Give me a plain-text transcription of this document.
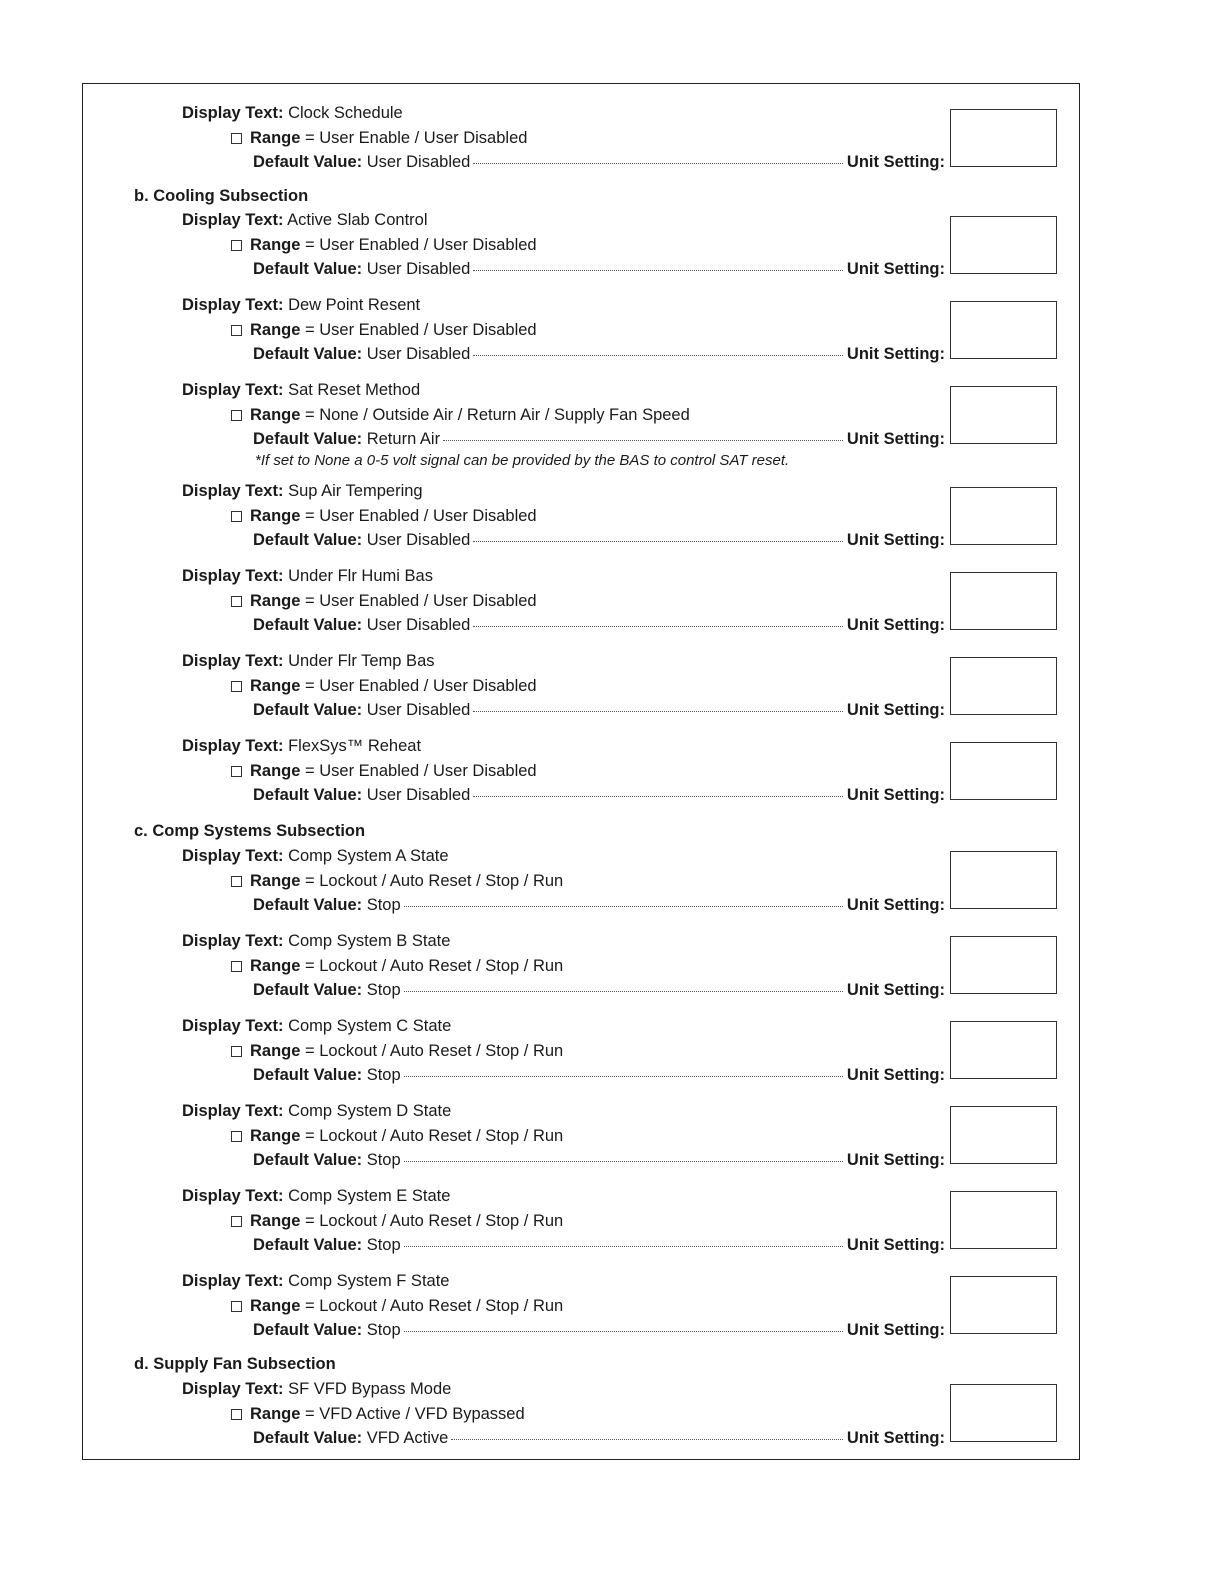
Display Text: Clock Schedule
Range = User Enable / User Disabled
Default Value:
User Disabled	Unit Setting:
b. Cooling Subsection
Display Text: Active Slab Control
Range = User Enabled / User Disabled
Default Value:
User Disabled	Unit Setting:
Display Text: Dew Point Resent
Range = User Enabled / User Disabled
Default Value:
User Disabled	Unit Setting:
Display Text: Sat Reset Method
Range = None / Outside Air / Return Air / Supply Fan Speed
Default Value:
Return Air	Unit Setting:
*If set to None a 0-5 volt signal can be provided by the BAS to control SAT reset.
Display Text: Sup Air Tempering
Range = User Enabled / User Disabled
Default Value:
User Disabled	Unit Setting:
Display Text: Under Flr Humi Bas
Range = User Enabled / User Disabled
Default Value:
User Disabled	Unit Setting:
Display Text: Under Flr Temp Bas
Range = User Enabled / User Disabled
Default Value:
User Disabled	Unit Setting:
Display Text: FlexSys™ Reheat
Range = User Enabled / User Disabled
Default Value:
User Disabled	Unit Setting:
c. Comp Systems Subsection
Display Text: Comp System A State
Range = Lockout / Auto Reset / Stop / Run
Default Value:
Stop	Unit Setting:
Display Text: Comp System B State
Range = Lockout / Auto Reset / Stop / Run
Default Value:
Stop	Unit Setting:
Display Text: Comp System C State
Range = Lockout / Auto Reset / Stop / Run
Default Value:
Stop	Unit Setting:
Display Text: Comp System D State
Range = Lockout / Auto Reset / Stop / Run
Default Value:
Stop	Unit Setting:
Display Text: Comp System E State
Range = Lockout / Auto Reset / Stop / Run
Default Value:
Stop	Unit Setting:
Display Text: Comp System F State
Range = Lockout / Auto Reset / Stop / Run
Default Value:
Stop	Unit Setting:
d. Supply Fan Subsection
Display Text: SF VFD Bypass Mode
Range = VFD Active / VFD Bypassed
Default Value:
VFD Active	Unit Setting:
